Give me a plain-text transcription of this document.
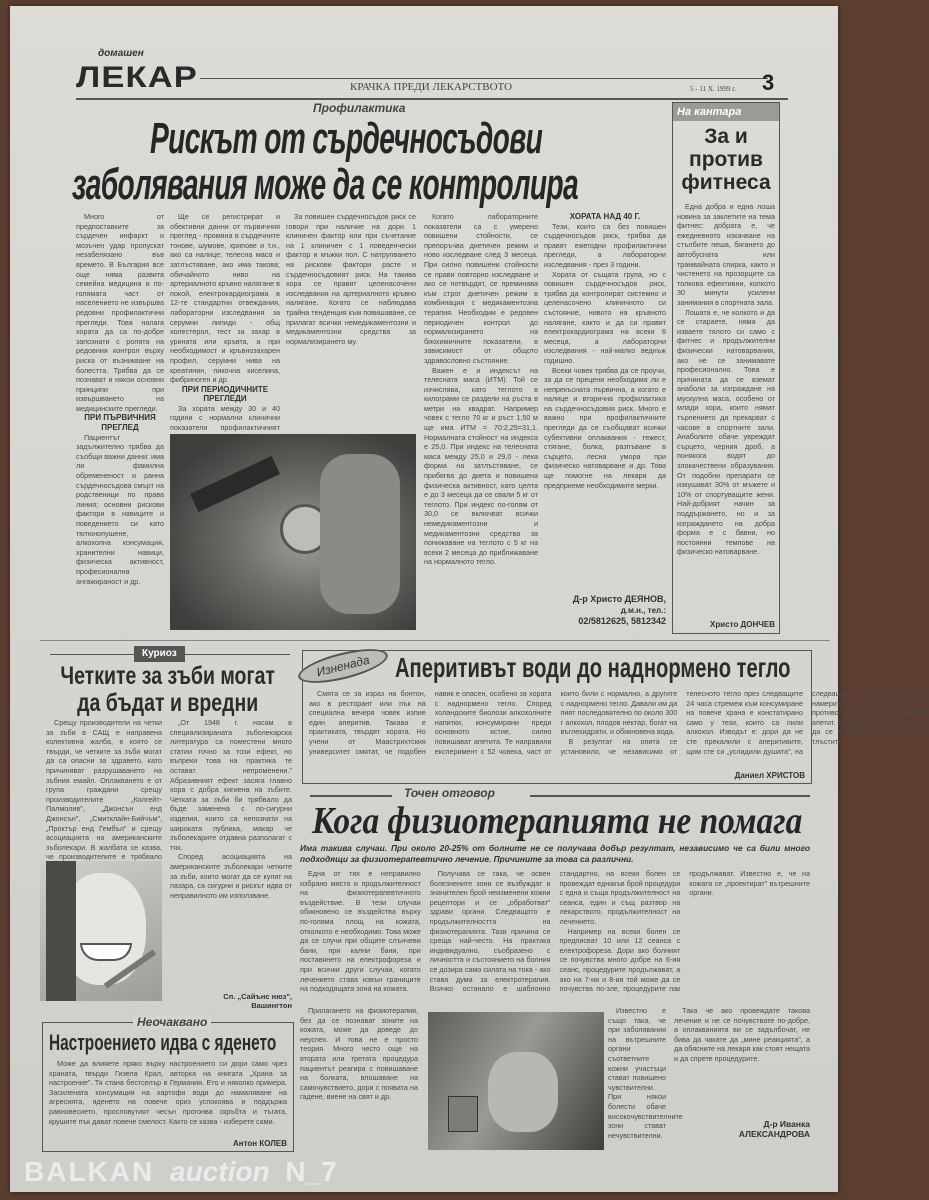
домашен
ЛЕКАР	КРАЧКА ПРЕДИ ЛЕКАРСТВОТО	5 - 11 X. 1999 г. 3
Профилактика
Рискът от сърдечносъдови
заболявания може да се контролира

Много от предпоставките за сърдечен инфаркт и мозъчен удар пропускат незабелязано във времето. В България все още няма развита семейна медицина и по-голямата част от населението не извършва редовни профилактични прегледи. Това налага хората да са по-добре запознати с ролята на редовния контрол върху риска от възникване на болестта. Трябва да се познават и някои основни принципи при извършването на медицинските прегледи.

ПРИ ПЪРВИЧНИЯ ПРЕГЛЕД

Пациентът задължително трябва да съобщи важни данни: има ли фамилна обремененост и ранна сърдечносъдова смърт на родственици по права линия; основни рискови фактори в навиците и поведението си като тютюнопушене, алкохолна консумация, хранителни навици, физическа активност, професионална ангажираност и др.

Ще се регистрират и обективни данни от първичния преглед - промяна в сърдечните тонове, шумове, хрипове и т.н., ако са налице; телесна маса и затлъстяване, ако има такова; обичайното ниво на артериалното кръвно налягане в покой, електрокардиограма в 12-те стандартни отвеждания, лабораторни изследвания за серумни липиди - общ холестерол, тест за захар в урината или кръвта, а при необходимост и кръвнозахарен профил, серумни нива на креатинин, пикочна киселина, фибриноген и др.

ПРИ ПЕРИОДИЧНИТЕ ПРЕГЛЕДИ

За хората между 30 и 40 години с нормални клинични показатели профилактичният

За повишен сърдечносъдов риск се говори при наличие на дори 1 клиничен фактор или при съчетание на 1 клиничен с 1 поведенчески фактор и мъжки пол. С натрупването на рискови фактори расте и сърдечносъдовият риск. На такива хора се правят целенасочени изследвания на артериалното кръвно налягане. Когато се наблюдава трайна тенденция към повишаване, се прилагат всички немедикаментозни и медикаментозни средства за нормализирането му.

Когато лабораторните показатели са с умерено повишени стойности, се препоръчва диетичен режим и ново изследване след 3 месеца. При силно повишени стойности се прави повторно изследване и ако се потвърдят, се преминава към строг диетичен режим в комбинация с медикаментозна терапия. Необходим е редовен периодичен контрол до нормализирането на биохимичните показатели, в зависимост от общото здравословно състояние.

Важен е и индексът на телесната маса (ИТМ). Той се изчислява, като теглото в килограми се раздели на ръста в метри на квадрат. Например човек с тегло 70 кг и ръст 1,50 м ще има ИТМ = 70:2,25=31,1. Нормалната стойност на индекса е 25,0. При индекс на телесната маса между 25,0 и 29,0 - лека форма на затлъстяване, се прибягва до диета и повишена физическа активност, като целта е до 3 месеца да се свали 5 кг от теглото. При индекс по-голям от 30,0 се включват всички немедикаментозни и медикаментозни средства за понижаване на теглото с 5 кг на всеки 2 месеца до приближаване на нормалното тегло.

ХОРАТА НАД 40 Г.

Тези, които са без повишен сърдечносъдов риск, трябва да правят ежегодни профилактични прегледи, а лабораторни изследвания - през 3 години.

Хората от същата група, но с повишен сърдечносъдов риск, трябва да контролират системно и целенасочено клиничното си състояние, нивото на кръвното налягане, както и да си правят електрокардиограма на всеки 6 месеца, а лабораторни изследвания - най-малко веднъж годишно.

Всеки човек трябва да се проучи, за да се прецени необходима ли е непрекъсната първична, а когато е налице и вторична профилактика на сърдечносъдовия риск. Много е важно при профилактичните прегледи да се съобщават всички субективни оплаквания - тежест, стягане, болка, разпъване в сърцето, лесна умора при физическо натоварване и др. Това ще помогне на лекаря да предприеме необходимите мерки.

Д-р Христо ДЕЯНОВ,
д.м.н., тел.:
02/5812625, 5812342
На кантара
За и
против
фитнеса

Една добра и една лоша новина за заклетите на тема фитнес: добрата е, че ежедневното изкачване на стълбите пеша, бягането до автобусната или трамвайната спирка, както и чистенето на прозорците са толкова ефективни, колкото 30 минути усилени занимания в спортната зала.

Лошата е, че колкото и да се стараете, няма да изваете тялото си само с фитнес и продължителни физически натоварвания, ако не се занимавате професионално. Това е причината да се вземат анаболи за изграждане на мускулна маса, особено от млади хора, които нямат търпението да прекарват с часове в спортните зали. Анаболите обаче увреждат сърцето, черния дроб, а понякога водят до злокачествени образувания. От подобни препарати се изкушават 30% от мъжете и 10% от спортуващите жени. Най-добрият начин за поддържането, но и за изграждането на добра форма е с бавни, но постоянни темпове на физическо натоварване.

Христо ДОНЧЕВ
Куриоз
Четките за зъби могат
да бъдат и вредни

Срещу производители на четки за зъби в САЩ е направена колективна жалба, в която се твърди, че четките за зъби могат да са опасни за здравето, като причиняват разрушаването на зъбния емайл. Оплакването е от група граждани срещу производителите „Колгейт-Палмолив", „Джонсън енд Джонсън", „Смитклайн-Бийчъм", „Проктър енд Гембъл" и срещу асоциацията на американските зъболекари. В жалбата се казва, че производителите е трябвало

„От 1948 г. насам в специализираната зъболекарска литература са поместени много статии точно за този ефект, но въпреки това на практика те остават непроменени." Абразивният ефект засяга главно хора с добра хигиена на зъбите. Четката за зъби би трябвало да бъде заменена с по-сигурни изделия, които са непознати на широката публика, макар че зъболекарите отдавна разполагат с тях.

Според асоциацията на американските зъболекари четките за зъби, които могат да се купят на пазара, са сигурни и рискът идва от неправилното им използване.

Сп. „Сайънс нюз",
Вашингтон
Изненада Аперитивът води до наднормено тегло

Смята се за израз на бонтон, ако в ресторант или пък на специална вечеря човек изпие един аперитив. Такава е практиката, твърдят хората. Но учени от Маастрихтския университет смятат, че подобен навик е опасен, особено за хората с наднормено тегло. Според холандските биолози алкохолните напитки, консумирани преди основното ястие, силно повишават апетита. Те направили експеримент с 52 човека, част от които били с нормално, а другите с наднормено тегло. Давали им да пият последователно по около 300 г алкохол, плодов нектар, богат на въглехидрати, и обикновена вода.

В резултат на опита се установило, че независимо от телесното тегло през следващите 24 часа стремеж към консумиране на повече храна е констатирано само у тези, които са пили алкохол. Изводът е: дори да не сте прекалили с аперитивите, щом сте си „усладили душата", на следващия ден трябва да намерите и воля да се противопоставите на повишения апетит. Иначе има опасност скоро да се наредите в кохортата на тлъстите.

Даниел ХРИСТОВ
Точен отговор
Кога физиотерапията не помага
Има такива случаи. При около 20-25% от болните не се получава добър резултат, независимо че са били много подходящи за физиотерапевтично лечение. Причините за това са различни.

Една от тях е неправилно избрано място и продължителност на физиотерапевтичното въздействие. В тези случаи обикновено се въздейства върху по-голяма площ на кожата, отколкото е необходимо. Това може да се случи при общите слънчеви бани, при кални бани, при поставянето на електрофореза и при всички други случаи, когато лечението става извън границите на подходящата зона на кожата.

Получава се така, че освен болезнените зони се възбуждат и значителен брой неизменени кожни рецептори и се „обработват" здрави органи. Следващото е продължителността на физиотерапията. Тази причина се среща най-често. На практика индивидуално, съобразено с личността и състоянието на болния се дозира само силата на тока - ако става дума за електротерапия. Всичко останало е шаблонно стандартно, на всеки болен се провеждат еднакъв брой процедури с една и съща продължителност на сеанса, един и същ разтвор на лекарството, продължителност на лечението.

Например на всеки болен се предписват 10 или 12 сеанса с електрофореза. Дори ако болният се почувства много добре на 6-ия сеанс, процедурите продължават, а ако на 7-ия и 8-ия той може да се почувства по-зле, процедурите пак продължават. Известно е, че на кожата се „проектират" вътрешните органи.

Прилагането на физиотерапия, без да се познават зоните на кожата, може да доведе до неуспех. И това не е просто теория. Много често още на втората или третата процедура пациентът реагира с повишаване на болката, влошаване на самочувствието, дори с появата на гадене, виене на свят и др.

Известно е също така, че при заболявания на вътрешните органи съответните кожни участъци стават повишено чувствителни. При някои болести обаче високочувствителните зони стават нечувствителни.

Така че ако провеждате такова лечение и не се почувствате по-добре, а оплакванията ви се задълбочат, не бива да чакате да „мине реакцията", а да обясните на лекаря как стоят нещата и да спрете процедурите.

Д-р Иванка
АЛЕКСАНДРОВА
Неочаквано
Настроението идва с яденето

Може да влияете пряко върху настроението си дори само чрез храната, твърди Гизела Крал, авторка на книгата „Храна за настроение". Тя стана бестселър в Германия. Ето и няколко примера. Засилената консумация на картофи води до намаляване на агресията, яденето на повече ориз успокоява и поддържа равновесието, прословутият чесън прогонва скръбта и тъгата, крушите пък дават повече смелост. Както се казва - изберете сами.

Антон КОЛЕВ
BALKAN auction N_7
